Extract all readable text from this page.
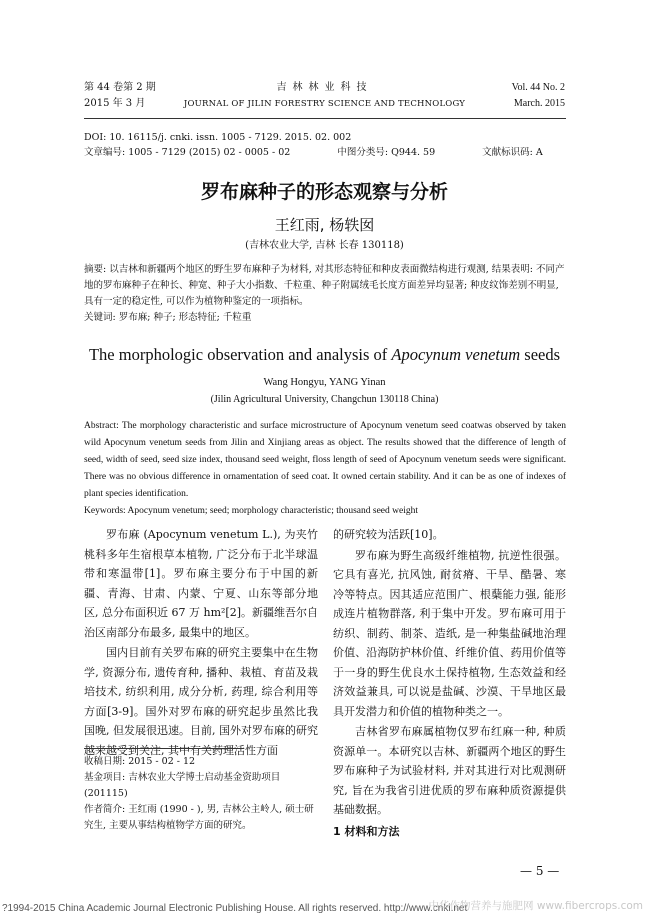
第 44 卷第 2 期
2015 年 3 月
吉林林业科技
JOURNAL OF JILIN FORESTRY SCIENCE AND TECHNOLOGY
Vol. 44 No. 2
March. 2015
DOI: 10. 16115/j. cnki. issn. 1005 - 7129. 2015. 02. 002
文章编号: 1005 - 7129 (2015) 02 - 0005 - 02	中图分类号: Q944. 59	文献标识码: A
罗布麻种子的形态观察与分析
王红雨, 杨轶囡
(吉林农业大学, 吉林 长春 130118)
摘要: 以吉林和新疆两个地区的野生罗布麻种子为材料, 对其形态特征和种皮表面微结构进行观测, 结果表明: 不同产地的罗布麻种子在种长、种宽、种子大小指数、千粒重、种子附属绒毛长度方面差异均显著; 种皮纹饰差别不明显, 具有一定的稳定性, 可以作为植物种鉴定的一项指标。
关键词: 罗布麻; 种子; 形态特征; 千粒重
The morphologic observation and analysis of Apocynum venetum seeds
Wang Hongyu, YANG Yinan
(Jilin Agricultural University, Changchun 130118 China)
Abstract: The morphology characteristic and surface microstructure of Apocynum venetum seed coatwas observed by taken wild Apocynum venetum seeds from Jilin and Xinjiang areas as object. The results showed that the difference of length of seed, width of seed, seed size index, thousand seed weight, floss length of seed of Apocynum venetum seeds were significant. There was no obvious difference in ornamentation of seed coat. It owned certain stability. And it can be as one of indexes of plant species identification.
Keywords: Apocynum venetum; seed; morphology characteristic; thousand seed weight

罗布麻 (Apocynum venetum L.), 为夹竹桃科多年生宿根草本植物, 广泛分布于北半球温带和寒温带[1]。罗布麻主要分布于中国的新疆、青海、甘肃、内蒙、宁夏、山东等部分地区, 总分布面积近 67 万 hm²[2]。新疆维吾尔自治区南部分布最多, 最集中的地区。

国内目前有关罗布麻的研究主要集中在生物学, 资源分布, 遗传育种, 播种、栽植、育苗及栽培技术, 纺织利用, 成分分析, 药理, 综合利用等方面[3-9]。国外对罗布麻的研究起步虽然比我国晚, 但发展很迅速。目前, 国外对罗布麻的研究越来越受到关注, 其中有关药理活性方面

的研究较为活跃[10]。

罗布麻为野生高级纤维植物, 抗逆性很强。它具有喜光, 抗风蚀, 耐贫瘠、干旱、酷暑、寒冷等特点。因其适应范围广、根蘖能力强, 能形成连片植物群落, 利于集中开发。罗布麻可用于纺织、制药、制茶、造纸, 是一种集盐碱地治理价值、沿海防护林价值、纤维价值、药用价值等于一身的野生优良水土保持植物, 生态效益和经济效益兼具, 可以说是盐碱、沙漠、干旱地区最具开发潜力和价值的植物种类之一。

吉林省罗布麻属植物仅罗布红麻一种, 种质资源单一。本研究以吉林、新疆两个地区的野生罗布麻种子为试验材料, 并对其进行对比观测研究, 旨在为我省引进优质的罗布麻种质资源提供基础数据。

收稿日期: 2015 - 02 - 12
基金项目: 吉林农业大学博士启动基金资助项目 (201115)
作者简介: 王红雨 (1990 - ), 男, 吉林公主岭人, 硕士研究生, 主要从事结构植物学方面的研究。	1 材料和方法
— 5 —
?1994-2015 China Academic Journal Electronic Publishing House. All rights reserved. http://www.cnki.net
中华作物营养与施肥网 www.fibercrops.com
